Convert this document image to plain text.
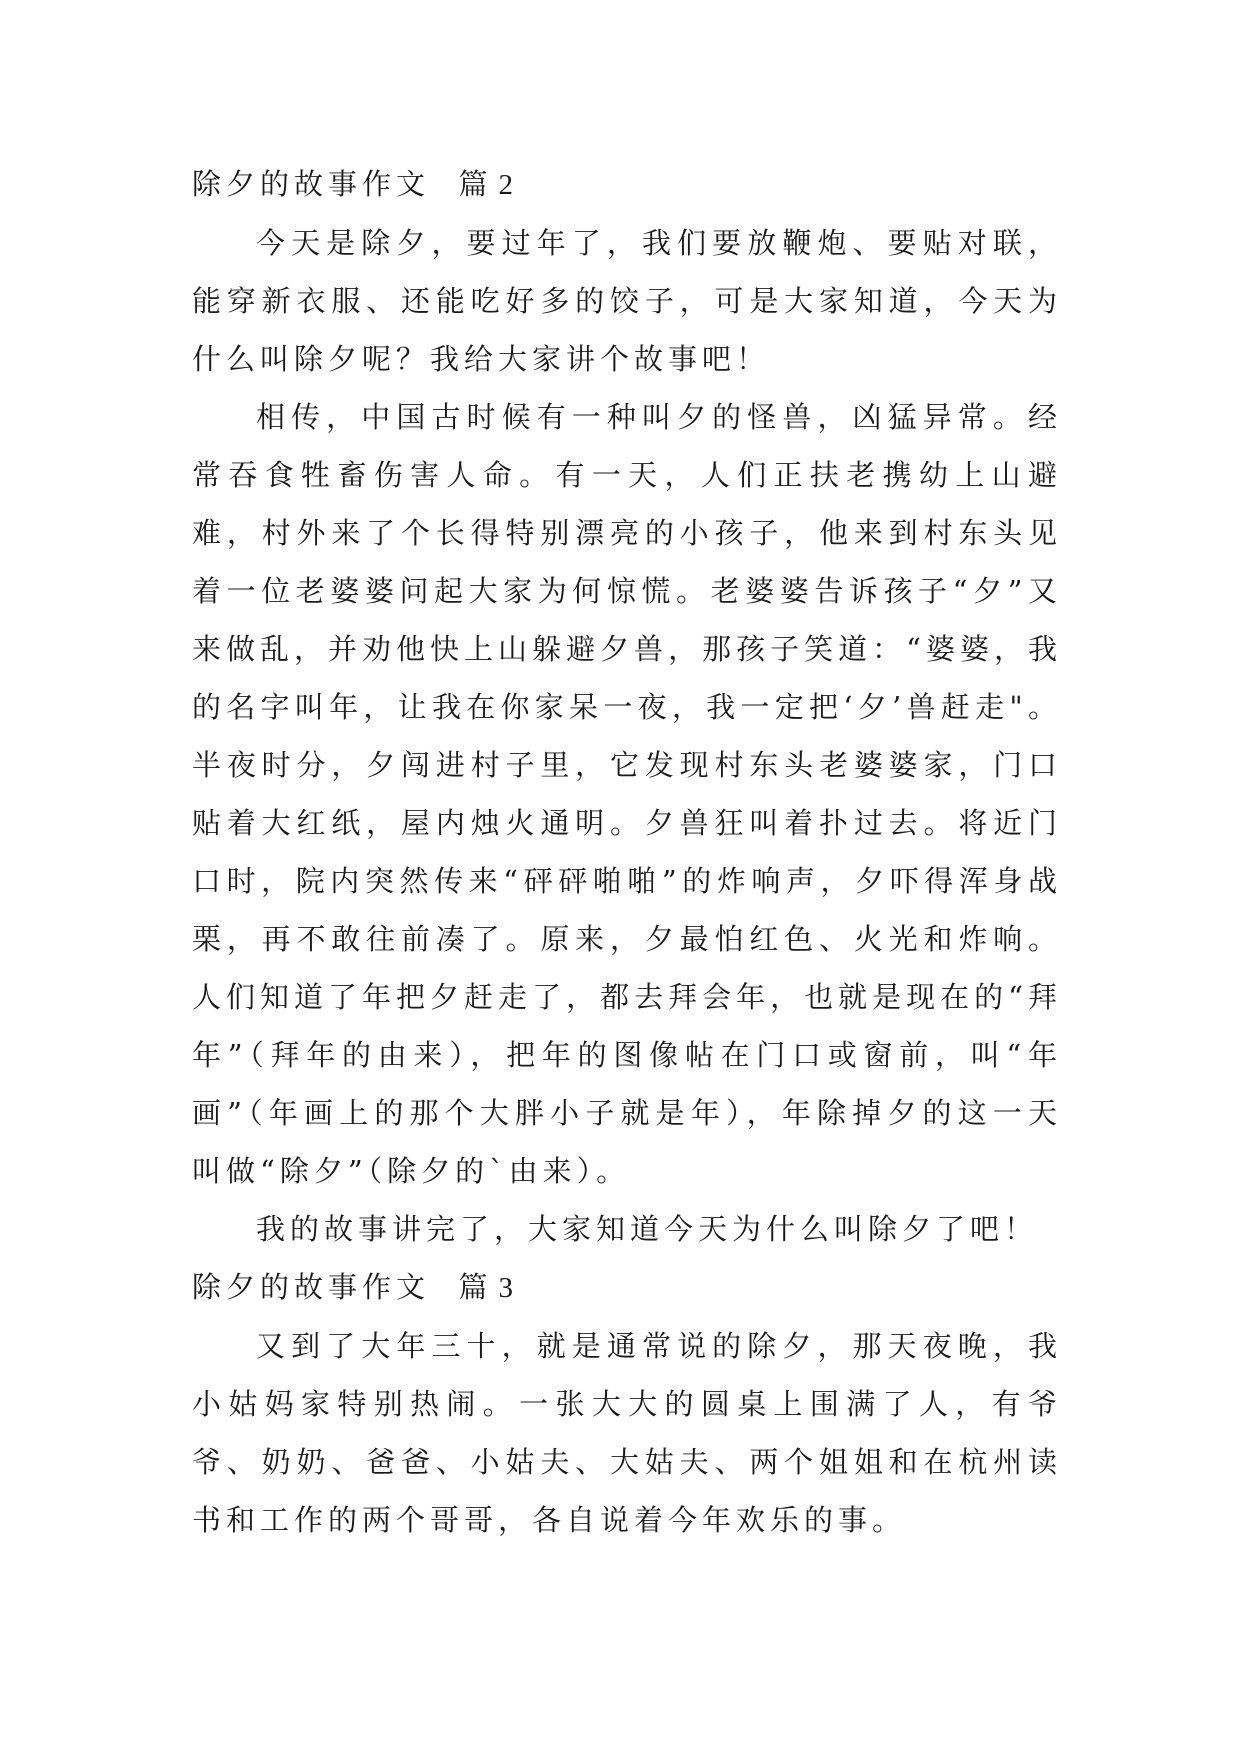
除夕的故事作文 篇 2

今天是除夕，要过年了，我们要放鞭炮、要贴对联，能穿新衣服、还能吃好多的饺子，可是大家知道，今天为什么叫除夕呢？我给大家讲个故事吧！

相传，中国古时候有一种叫夕的怪兽，凶猛异常。经常吞食牲畜伤害人命。有一天，人们正扶老携幼上山避难，村外来了个长得特别漂亮的小孩子，他来到村东头见着一位老婆婆问起大家为何惊慌。老婆婆告诉孩子“夕”又来做乱，并劝他快上山躲避夕兽，那孩子笑道：“婆婆，我的名字叫年，让我在你家呆一夜，我一定把‘夕’兽赶走"。半夜时分，夕闯进村子里，它发现村东头老婆婆家，门口贴着大红纸，屋内烛火通明。夕兽狂叫着扑过去。将近门口时，院内突然传来“砰砰啪啪”的炸响声，夕吓得浑身战栗，再不敢往前凑了。原来，夕最怕红色、火光和炸响。人们知道了年把夕赶走了，都去拜会年，也就是现在的“拜年”（拜年的由来），把年的图像帖在门口或窗前，叫“年画”（年画上的那个大胖小子就是年），年除掉夕的这一天叫做“除夕”（除夕的`由来）。

我的故事讲完了，大家知道今天为什么叫除夕了吧！

除夕的故事作文 篇 3

又到了大年三十，就是通常说的除夕，那天夜晚，我小姑妈家特别热闹。一张大大的圆桌上围满了人，有爷爷、奶奶、爸爸、小姑夫、大姑夫、两个姐姐和在杭州读书和工作的两个哥哥，各自说着今年欢乐的事。
